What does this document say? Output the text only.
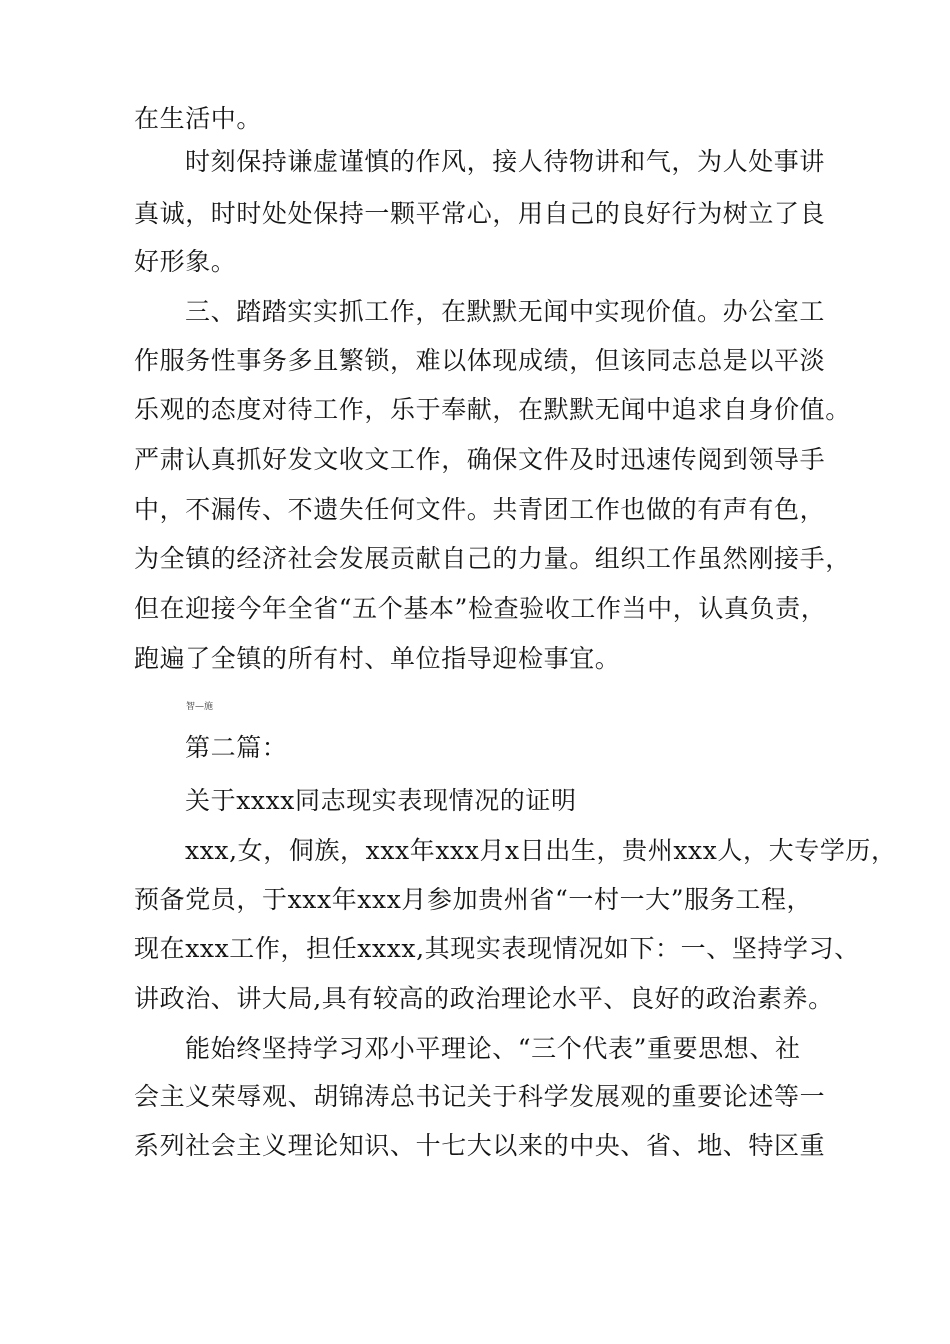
在生活中。
时刻保持谦虚谨慎的作风，接人待物讲和气，为人处事讲
真诚，时时处处保持一颗平常心，用自己的良好行为树立了良
好形象。
三、踏踏实实抓工作，在默默无闻中实现价值。办公室工
作服务性事务多且繁锁，难以体现成绩，但该同志总是以平淡
乐观的态度对待工作，乐于奉献，在默默无闻中追求自身价值。
严肃认真抓好发文收文工作，确保文件及时迅速传阅到领导手
中，不漏传、不遗失任何文件。共青团工作也做的有声有色，
为全镇的经济社会发展贡献自己的力量。组织工作虽然刚接手，
但在迎接今年全省“五个基本”检查验收工作当中，认真负责，
跑遍了全镇的所有村、单位指导迎检事宜。
智—施
第二篇：
关于xxxx同志现实表现情况的证明
xxx,女，侗族，xxx年xxx月x日出生，贵州xxx人，大专学历，
预备党员，于xxx年xxx月参加贵州省“一村一大”服务工程，
现在xxx工作，担任xxxx,其现实表现情况如下：一、坚持学习、
讲政治、讲大局,具有较高的政治理论水平、良好的政治素养。
能始终坚持学习邓小平理论、“三个代表”重要思想、社
会主义荣辱观、胡锦涛总书记关于科学发展观的重要论述等一
系列社会主义理论知识、十七大以来的中央、省、地、特区重
